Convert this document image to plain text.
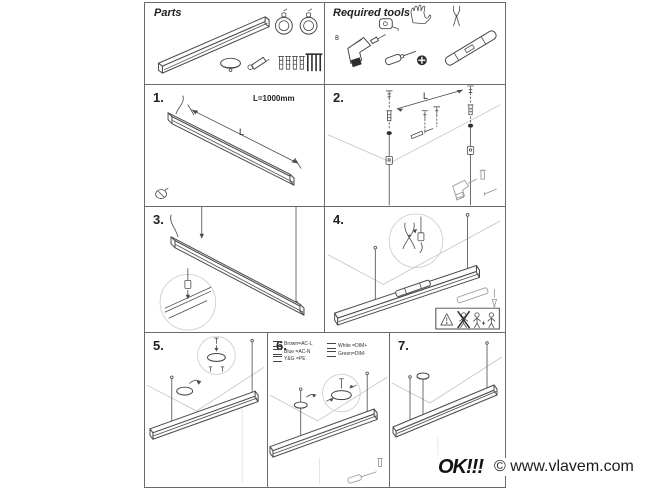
Parts	Required tools
8
1.	L=1000mm
L
2.	L
3.
+
4.
5.	6.
Brown=AC-L
Blue =AC-N
Y&G =PE
White =DIM+
Green=DIM-
7.
OK!!! © www.vlavem.com
